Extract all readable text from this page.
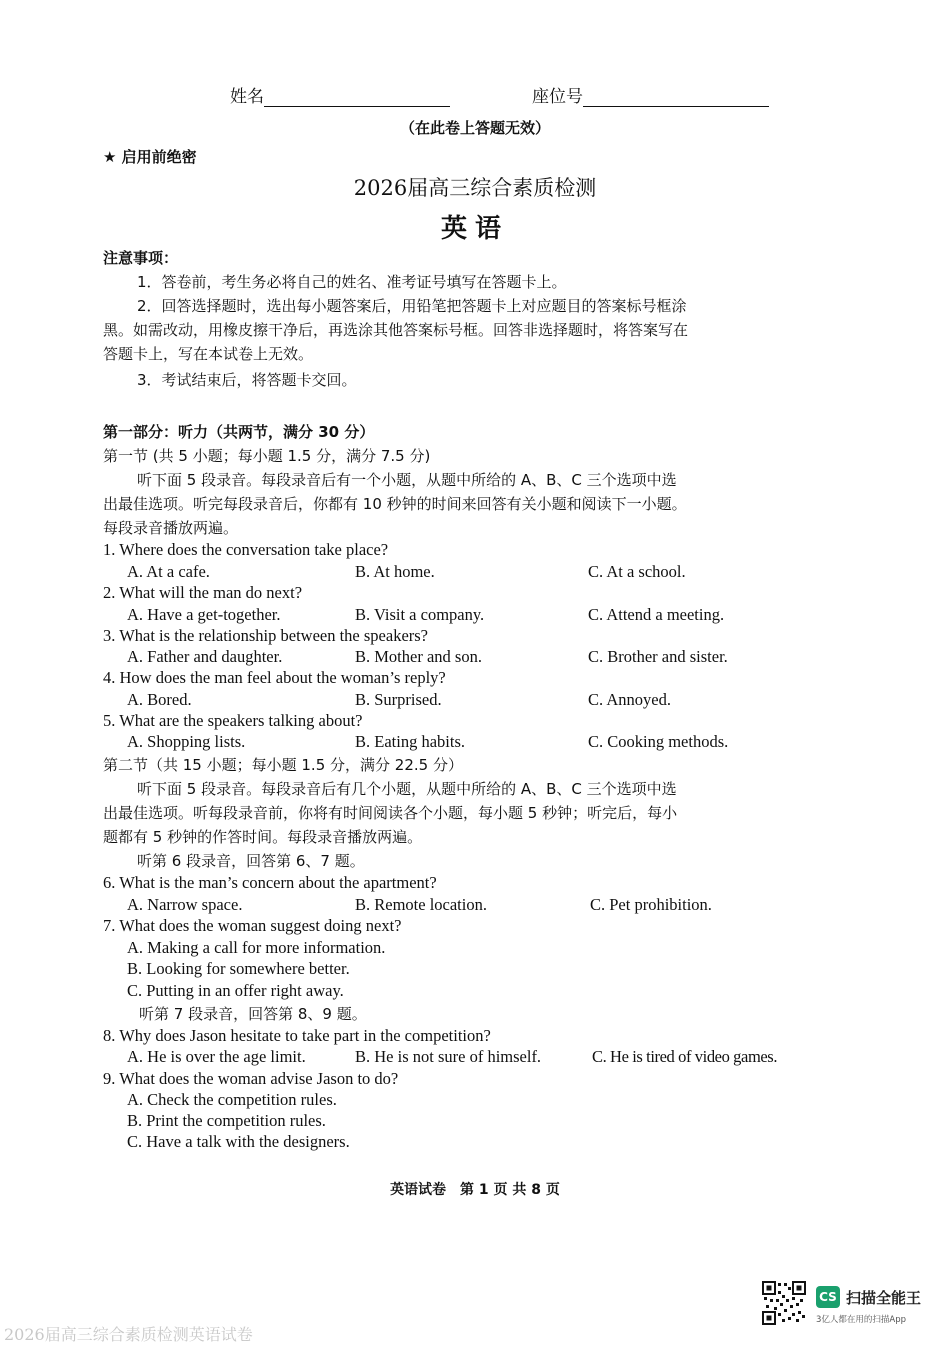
姓名	座位号
（在此卷上答题无效）
★ 启用前绝密
2026届高三综合素质检测
英语
注意事项：
1．答卷前，考生务必将自己的姓名、准考证号填写在答题卡上。
2．回答选择题时，选出每小题答案后，用铅笔把答题卡上对应题目的答案标号框涂
黑。如需改动，用橡皮擦干净后，再选涂其他答案标号框。回答非选择题时，将答案写在
答题卡上，写在本试卷上无效。
3．考试结束后，将答题卡交回。
第一部分：听力（共两节，满分 30 分）
第一节 (共 5 小题；每小题 1.5 分，满分 7.5 分)
听下面 5 段录音。每段录音后有一个小题，从题中所给的 A、B、C 三个选项中选
出最佳选项。听完每段录音后，你都有 10 秒钟的时间来回答有关小题和阅读下一小题。
每段录音播放两遍。
1. Where does the conversation take place?
A. At a cafe.	B. At home.	C. At a school.
2. What will the man do next?
A. Have a get-together.	B. Visit a company.	C. Attend a meeting.
3. What is the relationship between the speakers?
A. Father and daughter.	B. Mother and son.	C. Brother and sister.
4. How does the man feel about the woman’s reply?
A. Bored.	B. Surprised.	C. Annoyed.
5. What are the speakers talking about?
A. Shopping lists.	B. Eating habits.	C. Cooking methods.
第二节（共 15 小题；每小题 1.5 分，满分 22.5 分）
听下面 5 段录音。每段录音后有几个小题，从题中所给的 A、B、C 三个选项中选
出最佳选项。听每段录音前，你将有时间阅读各个小题，每小题 5 秒钟；听完后，每小
题都有 5 秒钟的作答时间。每段录音播放两遍。
听第 6 段录音，回答第 6、7 题。
6. What is the man’s concern about the apartment?
A. Narrow space.	B. Remote location.	C. Pet prohibition.
7. What does the woman suggest doing next?
A. Making a call for more information.
B. Looking for somewhere better.
C. Putting in an offer right away.
听第 7 段录音，回答第 8、9 题。
8. Why does Jason hesitate to take part in the competition?
A. He is over the age limit.	B. He is not sure of himself.	C. He is tired of video games.
9. What does the woman advise Jason to do?
A. Check the competition rules.
B. Print the competition rules.
C. Have a talk with the designers.
英语试卷　第 1 页 共 8 页
2026届高三综合素质检测英语试卷
CS 扫描全能王
3亿人都在用的扫描App
